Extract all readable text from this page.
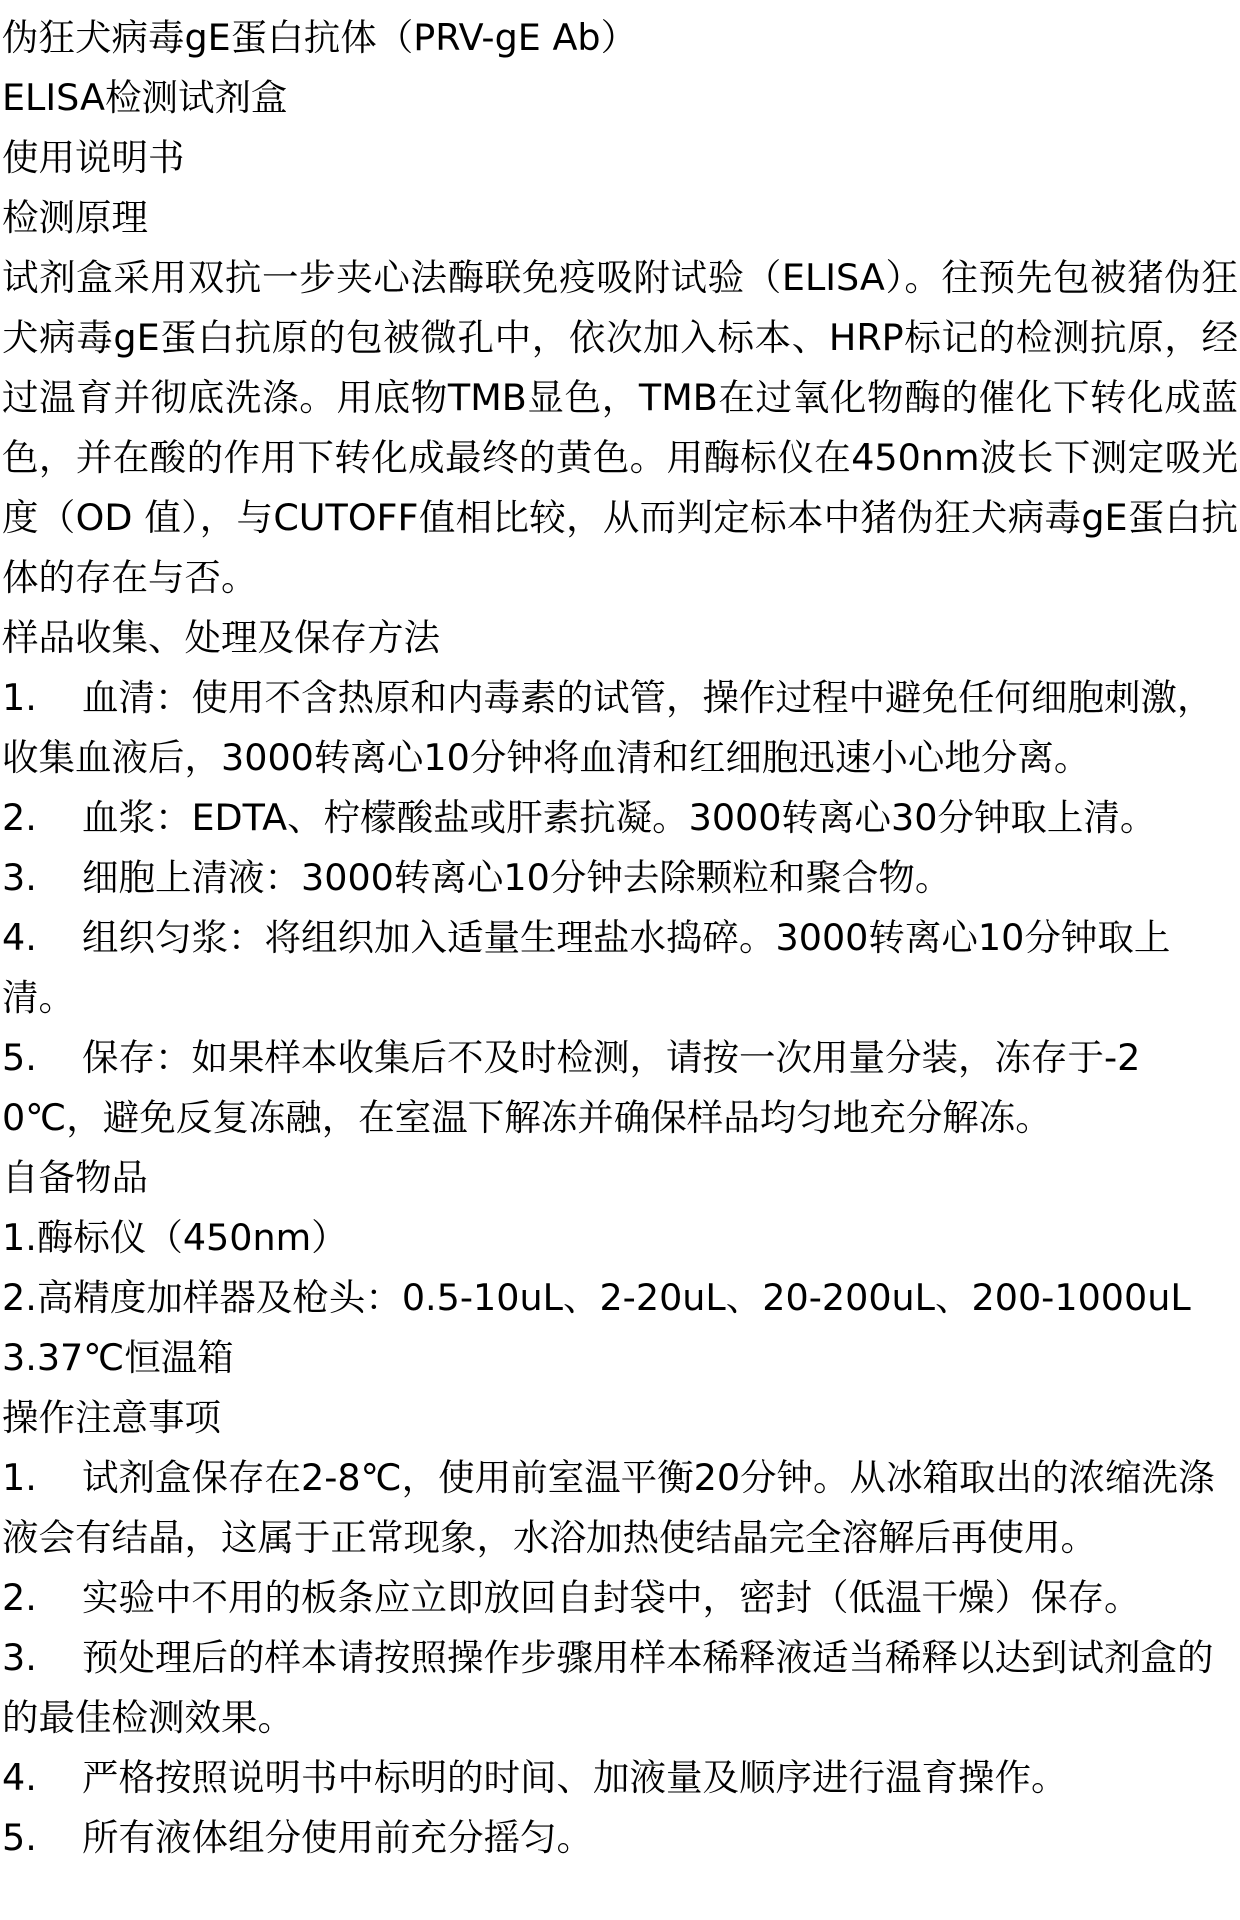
伪狂犬病毒gE蛋白抗体（PRV-gE Ab）
ELISA检测试剂盒
使用说明书
检测原理

试剂盒采用双抗一步夹心法酶联免疫吸附试验（ELISA）。往预先包被猪伪狂犬病毒gE蛋白抗原的包被微孔中，依次加入标本、HRP标记的检测抗原，经过温育并彻底洗涤。用底物TMB显色，TMB在过氧化物酶的催化下转化成蓝色，并在酸的作用下转化成最终的黄色。用酶标仪在450nm波长下测定吸光度（OD 值），与CUTOFF值相比较，从而判定标本中猪伪狂犬病毒gE蛋白抗体的存在与否。

样品收集、处理及保存方法
1. 血清：使用不含热原和内毒素的试管，操作过程中避免任何细胞刺激，收集血液后，3000转离心10分钟将血清和红细胞迅速小心地分离。
2. 血浆：EDTA、柠檬酸盐或肝素抗凝。3000转离心30分钟取上清。
3. 细胞上清液：3000转离心10分钟去除颗粒和聚合物。
4. 组织匀浆：将组织加入适量生理盐水捣碎。3000转离心10分钟取上清。
5. 保存：如果样本收集后不及时检测，请按一次用量分装，冻存于-20℃，避免反复冻融，在室温下解冻并确保样品均匀地充分解冻。
自备物品
1.酶标仪（450nm）
2.高精度加样器及枪头：0.5-10uL、2-20uL、20-200uL、200-1000uL
3.37℃恒温箱
操作注意事项
1. 试剂盒保存在2-8℃，使用前室温平衡20分钟。从冰箱取出的浓缩洗涤液会有结晶，这属于正常现象，水浴加热使结晶完全溶解后再使用。
2. 实验中不用的板条应立即放回自封袋中，密封（低温干燥）保存。
3. 预处理后的样本请按照操作步骤用样本稀释液适当稀释以达到试剂盒的的最佳检测效果。
4. 严格按照说明书中标明的时间、加液量及顺序进行温育操作。
5. 所有液体组分使用前充分摇匀。
